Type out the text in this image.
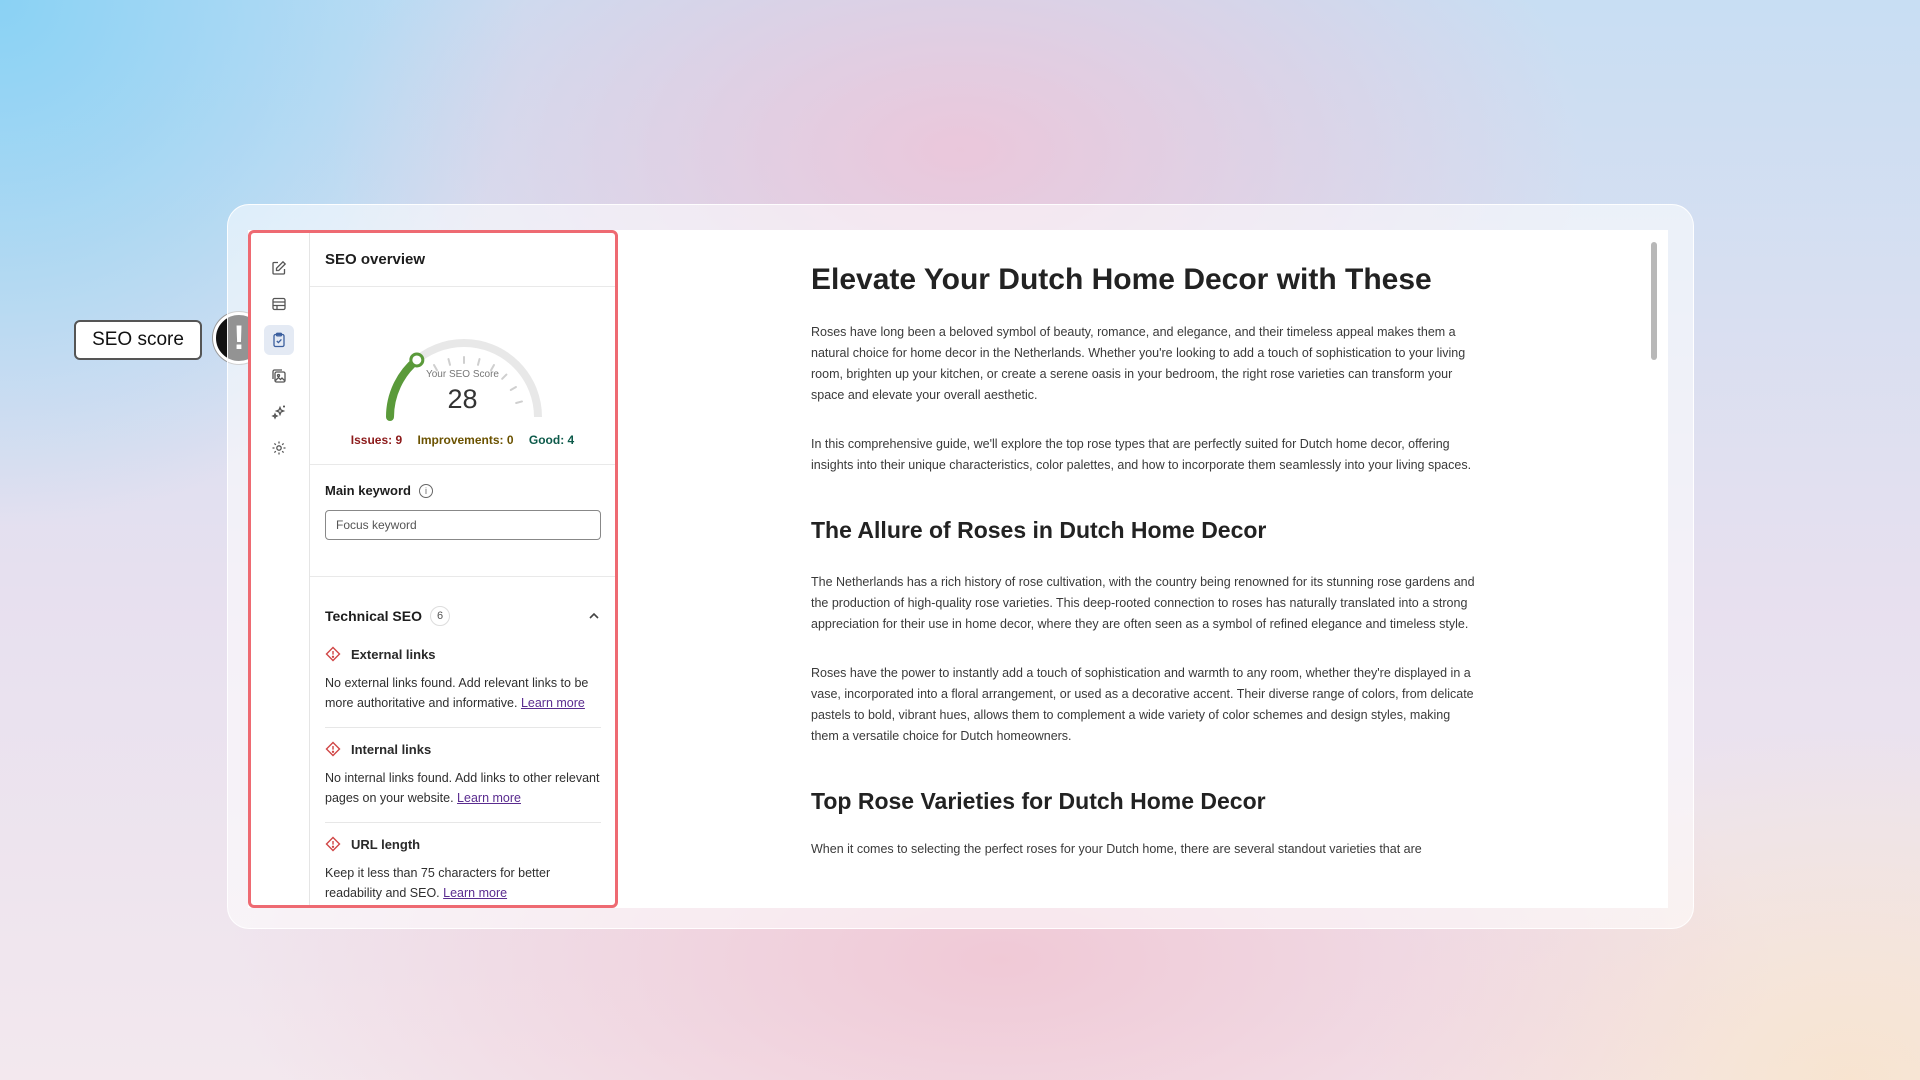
SEO score
SEO overview
Your SEO Score
28
Issues: 9 Improvements: 0 Good: 4
Main keyword	i
Focus keyword
Technical SEO	6
External links
No external links found. Add relevant links to be more authoritative and informative. Learn more
Internal links
No internal links found. Add links to other relevant pages on your website. Learn more
URL length
Keep it less than 75 characters for better readability and SEO. Learn more
Elevate Your Dutch Home Decor with These

Roses have long been a beloved symbol of beauty, romance, and elegance, and their timeless appeal makes them a natural choice for home decor in the Netherlands. Whether you're looking to add a touch of sophistication to your living room, brighten up your kitchen, or create a serene oasis in your bedroom, the right rose varieties can transform your space and elevate your overall aesthetic.

In this comprehensive guide, we'll explore the top rose types that are perfectly suited for Dutch home decor, offering insights into their unique characteristics, color palettes, and how to incorporate them seamlessly into your living spaces.

The Allure of Roses in Dutch Home Decor

The Netherlands has a rich history of rose cultivation, with the country being renowned for its stunning rose gardens and the production of high-quality rose varieties. This deep-rooted connection to roses has naturally translated into a strong appreciation for their use in home decor, where they are often seen as a symbol of refined elegance and timeless style.

Roses have the power to instantly add a touch of sophistication and warmth to any room, whether they're displayed in a vase, incorporated into a floral arrangement, or used as a decorative accent. Their diverse range of colors, from delicate pastels to bold, vibrant hues, allows them to complement a wide variety of color schemes and design styles, making them a versatile choice for Dutch homeowners.

Top Rose Varieties for Dutch Home Decor

When it comes to selecting the perfect roses for your Dutch home, there are several standout varieties that are
